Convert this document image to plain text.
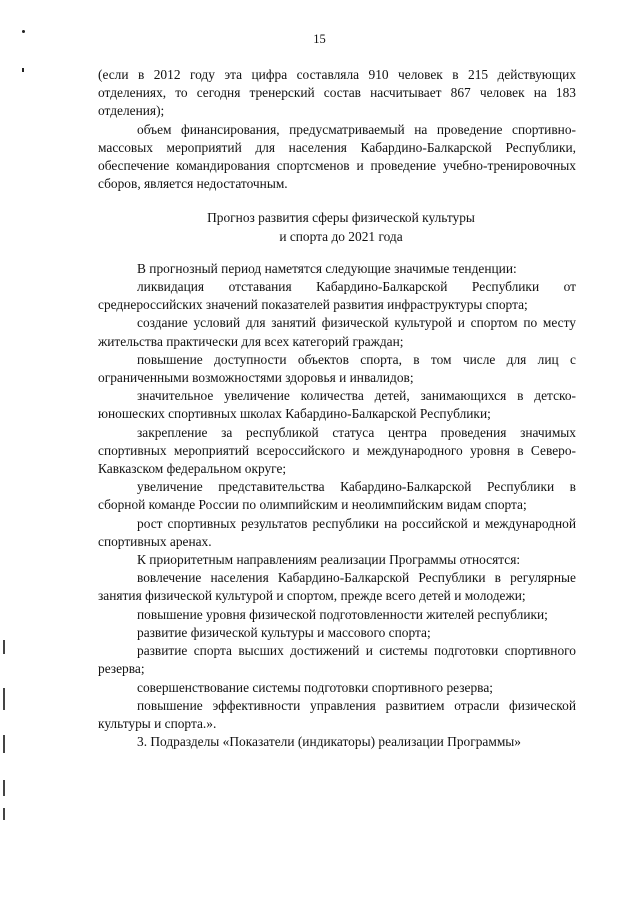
15

(если в 2012 году эта цифра составляла 910 человек в 215 действующих отделениях, то сегодня тренерский состав насчитывает 867 человек на 183 отделения);

объем финансирования, предусматриваемый на проведение спортивно-массовых мероприятий для населения Кабардино-Балкарской Республики, обеспечение командирования спортсменов и проведение учебно-тренировочных сборов, является недостаточным.

Прогноз развития сферы физической культуры
и спорта до 2021 года

В прогнозный период наметятся следующие значимые тенденции:

ликвидация отставания Кабардино-Балкарской Республики от среднероссийских значений показателей развития инфраструктуры спорта;

создание условий для занятий физической культурой и спортом по месту жительства практически для всех категорий граждан;

повышение доступности объектов спорта, в том числе для лиц с ограниченными возможностями здоровья и инвалидов;

значительное увеличение количества детей, занимающихся в детско-юношеских спортивных школах Кабардино-Балкарской Республики;

закрепление за республикой статуса центра проведения значимых спортивных мероприятий всероссийского и международного уровня в Северо-Кавказском федеральном округе;

увеличение представительства Кабардино-Балкарской Республики в сборной команде России по олимпийским и неолимпийским видам спорта;

рост спортивных результатов республики на российской и международной спортивных аренах.

К приоритетным направлениям реализации Программы относятся:

вовлечение населения Кабардино-Балкарской Республики в регулярные занятия физической культурой и спортом, прежде всего детей и молодежи;

повышение уровня физической подготовленности жителей республики;

развитие физической культуры и массового спорта;

развитие спорта высших достижений и системы подготовки спортивного резерва;

совершенствование системы подготовки спортивного резерва;

повышение эффективности управления развитием отрасли физической культуры и спорта.».

3. Подразделы «Показатели (индикаторы) реализации Программы»
